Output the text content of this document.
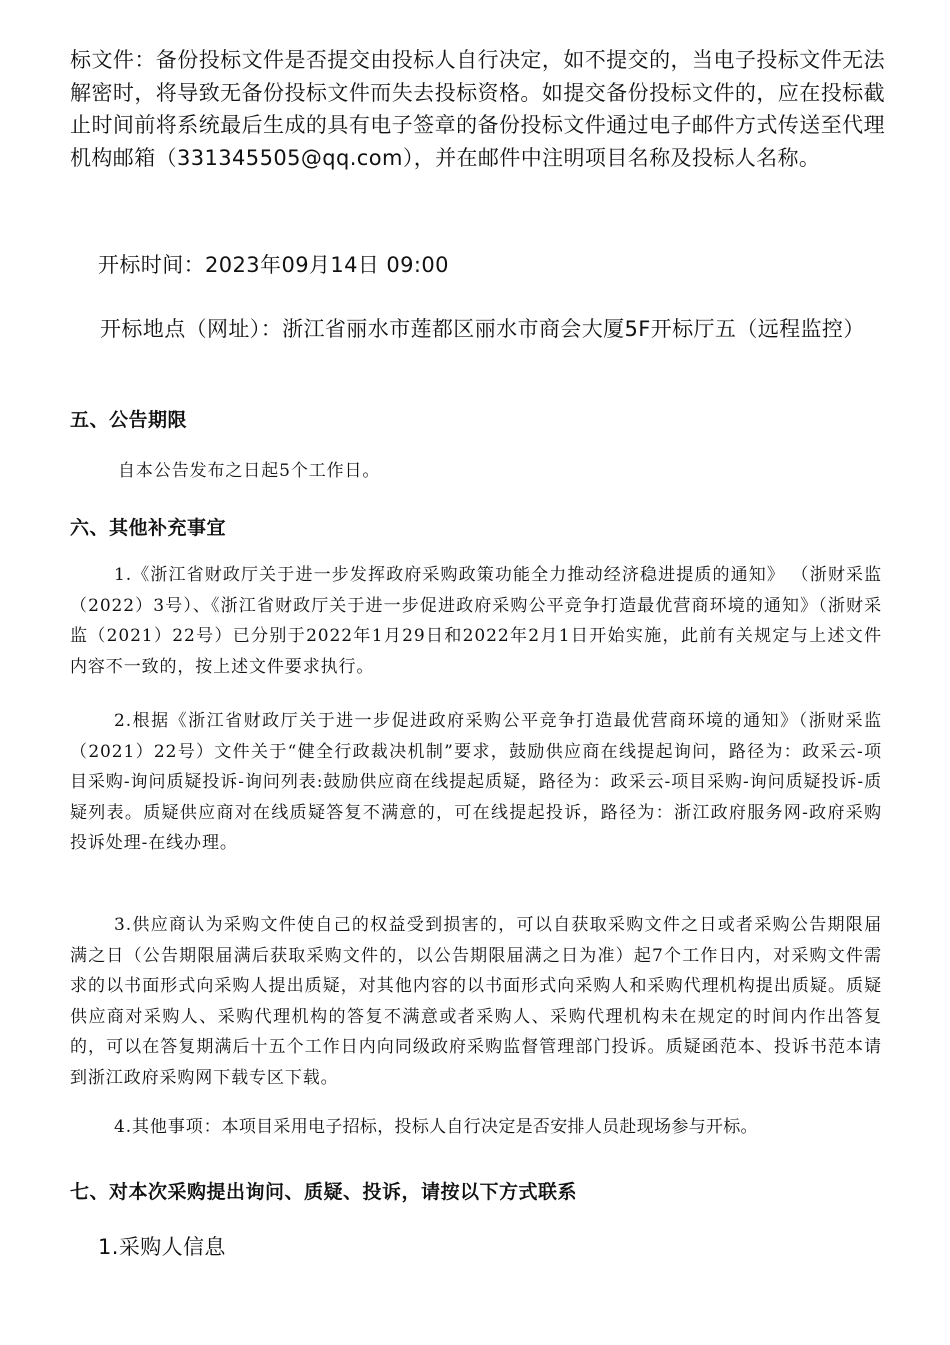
标文件：备份投标文件是否提交由投标人自行决定，如不提交的，当电子投标文件无法解密时，将导致无备份投标文件而失去投标资格。如提交备份投标文件的，应在投标截止时间前将系统最后生成的具有电子签章的备份投标文件通过电子邮件方式传送至代理机构邮箱（331345505@qq.com），并在邮件中注明项目名称及投标人名称。

开标时间：2023年09月14日 09:00

开标地点（网址）：浙江省丽水市莲都区丽水市商会大厦5F开标厅五（远程监控）

五、公告期限

自本公告发布之日起5个工作日。

六、其他补充事宜

1.《浙江省财政厅关于进一步发挥政府采购政策功能全力推动经济稳进提质的通知》 （浙财采监（2022）3号）、《浙江省财政厅关于进一步促进政府采购公平竞争打造最优营商环境的通知》（浙财采监（2021）22号）已分别于2022年1月29日和2022年2月1日开始实施，此前有关规定与上述文件内容不一致的，按上述文件要求执行。

2.根据《浙江省财政厅关于进一步促进政府采购公平竞争打造最优营商环境的通知》（浙财采监（2021）22号）文件关于“健全行政裁决机制”要求，鼓励供应商在线提起询问，路径为：政采云-项目采购-询问质疑投诉-询问列表:鼓励供应商在线提起质疑，路径为：政采云-项目采购-询问质疑投诉-质疑列表。质疑供应商对在线质疑答复不满意的，可在线提起投诉，路径为：浙江政府服务网-政府采购投诉处理-在线办理。

3.供应商认为采购文件使自己的权益受到损害的，可以自获取采购文件之日或者采购公告期限届满之日（公告期限届满后获取采购文件的，以公告期限届满之日为准）起7个工作日内，对采购文件需求的以书面形式向采购人提出质疑，对其他内容的以书面形式向采购人和采购代理机构提出质疑。质疑供应商对采购人、采购代理机构的答复不满意或者采购人、采购代理机构未在规定的时间内作出答复的，可以在答复期满后十五个工作日内向同级政府采购监督管理部门投诉。质疑函范本、投诉书范本请到浙江政府采购网下载专区下载。

4.其他事项：本项目采用电子招标，投标人自行决定是否安排人员赴现场参与开标。

七、对本次采购提出询问、质疑、投诉，请按以下方式联系

1.采购人信息
